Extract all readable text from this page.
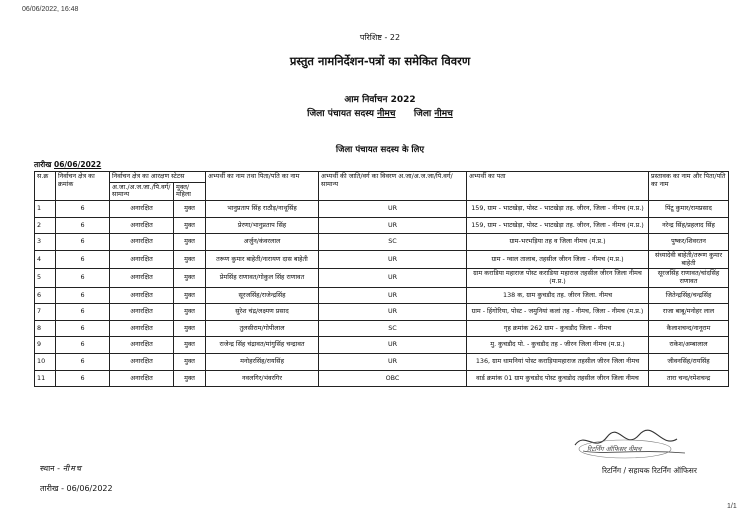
06/06/2022, 16:48
परिशिष्ट - 22
प्रस्तुत नामनिर्देशन-पत्रों का समेकित विवरण
आम निर्वाचन 2022
जिला पंचायत सदस्य नीमच जिला नीमच
जिला पंचायत सदस्य के लिए
तारीख 06/06/2022
स.क्र	निर्वाचन क्षेत्र का क्रमांक	निर्वाचन क्षेत्र का आरक्षण स्टेटस		अभ्यर्थी का नाम तथा पिता/पति का नाम	अभ्यर्थी की जाति/वर्ग का विवरण अ.जा/अ.ज.जा/पि.वर्ग/सामान्य	अभ्यर्थी का पता	प्रस्तावक का नाम और पिता/पति का नाम
		अ.जा./अ.ज.जा./पि.वर्ग/सामान्य	मुक्त/महिला				
1	6	अनारक्षित	मुक्त	भानुप्रताप सिंह राठौड़/नाथूसिंह	UR	159, ग्राम - भाटखेड़ा, पोस्ट - भाटखेड़ा तह. जीरन, जिला - नीमच (म.प्र.)	पिंटू कुमार/रामप्रसाद
2	6	अनारक्षित	मुक्त	प्रेरणा/भानुप्रताप सिंह	UR	159, ग्राम - भाटखेड़ा, पोस्ट - भाटखेड़ा तह. जीरन, जिला - नीमच (म.प्र.)	नरेन्द्र सिंह/प्रहलाद सिंह
3	6	अनारक्षित	मुक्त	अर्जुन/कंवरलाल	SC	ग्राम-भरभड़िया तह व जिला नीमच (म.प्र.)	पुष्कर/शिवरतन
4	6	अनारक्षित	मुक्त	तरूण कुमार बाहेती/नारायण दास बाहेती	UR	ग्राम - ग्वाल तालाब, तहसील जीरन जिला - नीमच (म.प्र.)	संध्यादेवी बाहेती/तरूण कुमार बाहेती
5	6	अनारक्षित	मुक्त	प्रेमसिंह राणावत/गोकुल सिंह राणावत	UR	ग्राम कराडिया महाराज पोस्ट कराडिया महाराज तहसील जीरन जिला नीमच (म.प्र.)	सूरजसिंह राणावत/चांदसिंह राणावत
6	6	अनारक्षित	मुक्त	सूरजसिंह/राजेन्द्रसिंह	UR	138 क, ग्राम कुचडौद तह. जीरन जिला. नीमच	जितेन्द्रसिंह/चन्द्रसिंह
7	6	अनारक्षित	मुक्त	सुरेश चंद्र/लक्ष्मण प्रसाद	UR	ग्राम - हिंगोरिया, पोस्ट - जमुनियां कलां तह - नीमच, जिला - नीमच (म.प्र.)	राजा बाबू/मनोहर लाल
8	6	अनारक्षित	मुक्त	तुलसीराम/गोपीलाल	SC	गृह क्रमांक 262 ग्राम - कुचडौद जिला - नीमच	कैलाशचन्द/नानूराम
9	6	अनारक्षित	मुक्त	राजेन्द्र सिंह चंद्रावत/मांगुसिंह चन्द्रावत	UR	मु. कुचडौद पो. - कुचडौद तह - जीरन जिला नीमच (म.प्र.)	राकेश/अम्बालाल
10	6	अनारक्षित	मुक्त	मनोहरसिंह/रायसिंह	UR	136, ग्राम धामनियां पोस्ट कराड़ियामहाराज तहसील जीरन जिला नीमच	जीवनसिंह/रायसिंह
11	6	अनारक्षित	मुक्त	नवलगिर/भंवरगिर	OBC	वार्ड क्रमांक 01 ग्राम कुचडोद पोस्ट कुचडोद तहसील जीरन जिला नीमच	तारा चन्द/रमेशचन्द्र
स्थान - नीमच
तारीख - 06/06/2022
रिटर्निंग ऑफिसर नीमच
रिटर्निंग / सहायक रिटर्निंग ऑफिसर
1/1
